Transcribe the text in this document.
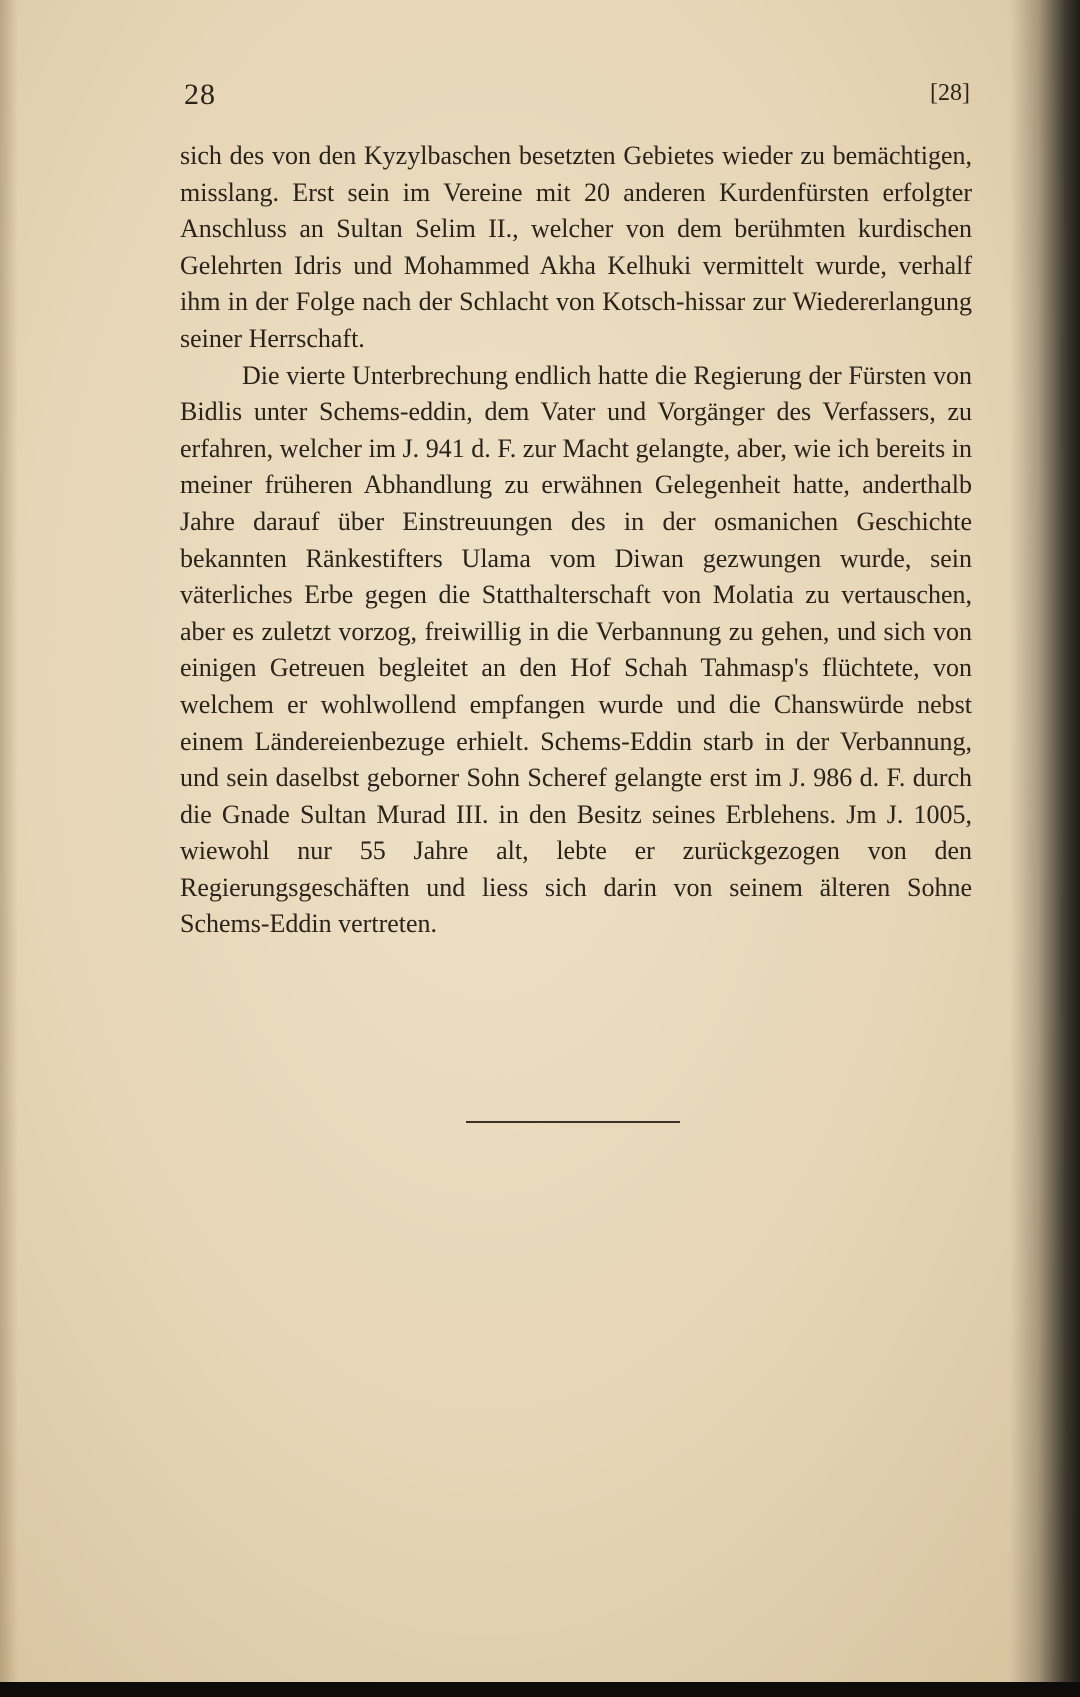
28	[28]

sich des von den Kyzylbaschen besetzten Gebietes wieder zu bemächtigen, misslang. Erst sein im Vereine mit 20 anderen Kurdenfürsten erfolgter Anschluss an Sultan Selim II., welcher von dem berühmten kurdischen Gelehrten Idris und Mohammed Akha Kelhuki vermittelt wurde, verhalf ihm in der Folge nach der Schlacht von Kotsch-hissar zur Wiedererlangung seiner Herrschaft.

Die vierte Unterbrechung endlich hatte die Regierung der Fürsten von Bidlis unter Schems-eddin, dem Vater und Vorgänger des Verfassers, zu erfahren, welcher im J. 941 d. F. zur Macht gelangte, aber, wie ich bereits in meiner früheren Abhandlung zu erwähnen Gelegenheit hatte, anderthalb Jahre darauf über Einstreuungen des in der osmanichen Geschichte bekannten Ränkestifters Ulama vom Diwan gezwungen wurde, sein väterliches Erbe gegen die Statthalterschaft von Molatia zu vertauschen, aber es zuletzt vorzog, freiwillig in die Verbannung zu gehen, und sich von einigen Getreuen begleitet an den Hof Schah Tahmasp's flüchtete, von welchem er wohlwollend empfangen wurde und die Chanswürde nebst einem Ländereienbezuge erhielt. Schems-Eddin starb in der Verbannung, und sein daselbst geborner Sohn Scheref gelangte erst im J. 986 d. F. durch die Gnade Sultan Murad III. in den Besitz seines Erblehens. Jm J. 1005, wiewohl nur 55 Jahre alt, lebte er zurückgezogen von den Regierungsgeschäften und liess sich darin von seinem älteren Sohne Schems-Eddin vertreten.
